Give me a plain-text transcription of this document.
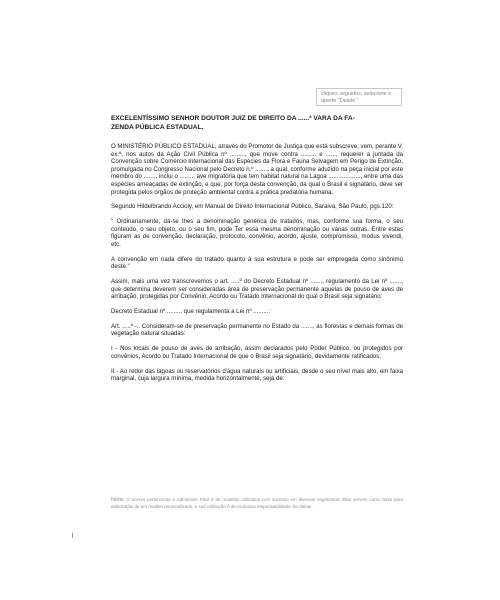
cliques seguidos, selecione e
aperte "Delete"
EXCELENTÍSSIMO SENHOR DOUTOR JUIZ DE DIREITO DA ......ª VARA DA FA-
ZENDA PÚBLICA ESTADUAL.

O MINISTÉRIO PÚBLICO ESTADUAL, através do Promotor de Justiça que está subscreve, vem, perante V. ex.ª, nos autos da Ação Civil Pública nº ........., que move contra ......... e ......, requerer a juntada da Convenção sobre Comércio Internacional das Espécies da Flora e Fauna Selvagem em Perigo de Extinção, promulgada no Congresso Nacional pelo Decreto n.º ......., a qual, conforme aduzido na peça inicial por este membro do ......., inclui o ........, ave migratória que tem habitat natural na Lagoa ..................., entre uma das espécies ameaçadas de extinção, e que, por força desta convenção, da qual o Brasil é signatário, deve ser protegida pelos órgãos de proteção ambiental contra a prática predatória humana.

Segundo Hildelbrando Accioly, em Manual de Direito Internacional Público, Saraiva, São Paulo, pgs.120:

" Ordinariamente, dá-se lhes a denominação genérica de tratados, mas, conforme sua forma, o seu conteúdo, o seu objeto, ou o seu fim, pode Ter essa mesma denominação ou várias outras. Entre estas figuram as de convenção, declaração, protocolo, convênio, acordo, ajuste, compromisso, modus vivendi, etc.

A convenção em nada difere do tratado quanto à sua estrutura e pode ser empregada como sinônimo deste."

Assim, mais uma vez transcrevemos o art. .....º do Decreto Estadual nº ......., regulamento da Lei nº ......., que determina deverem ser consideradas área de preservação permanente aquelas de pouso de aves de arribação, protegidas por Convênio, Acordo ou Tratado Internacional do qual o Brasil seja signatário:

Decreto Estadual nº ........, que regulamenta a Lei nº .........:

Art. .....º -.. Consideram-se de preservação permanente no Estado da ......., as florestas e demais formas de vegetação natural situadas:

I - Nos locais de pouso de aves de arribação, assim declarados pelo Poder Público, ou protegidos por convênios, Acordo ou Tratado Internacional de que o Brasil seja signatário, devidamente ratificados;

II - Ao redor das lagoas ou reservatórios d'água naturais ou artificiais, desde o seu nível mais alto, em faixa marginal, cuja largura mínima, medida horizontalmente, seja de:

Nota: O acervo pertencente a Administre Fácil é de modelos utilizados com sucesso em diversos segmentos. Eles servem como base para elaboração de um modelo personalizado, e sua utilização é de exclusiva responsabilidade do cliente.
